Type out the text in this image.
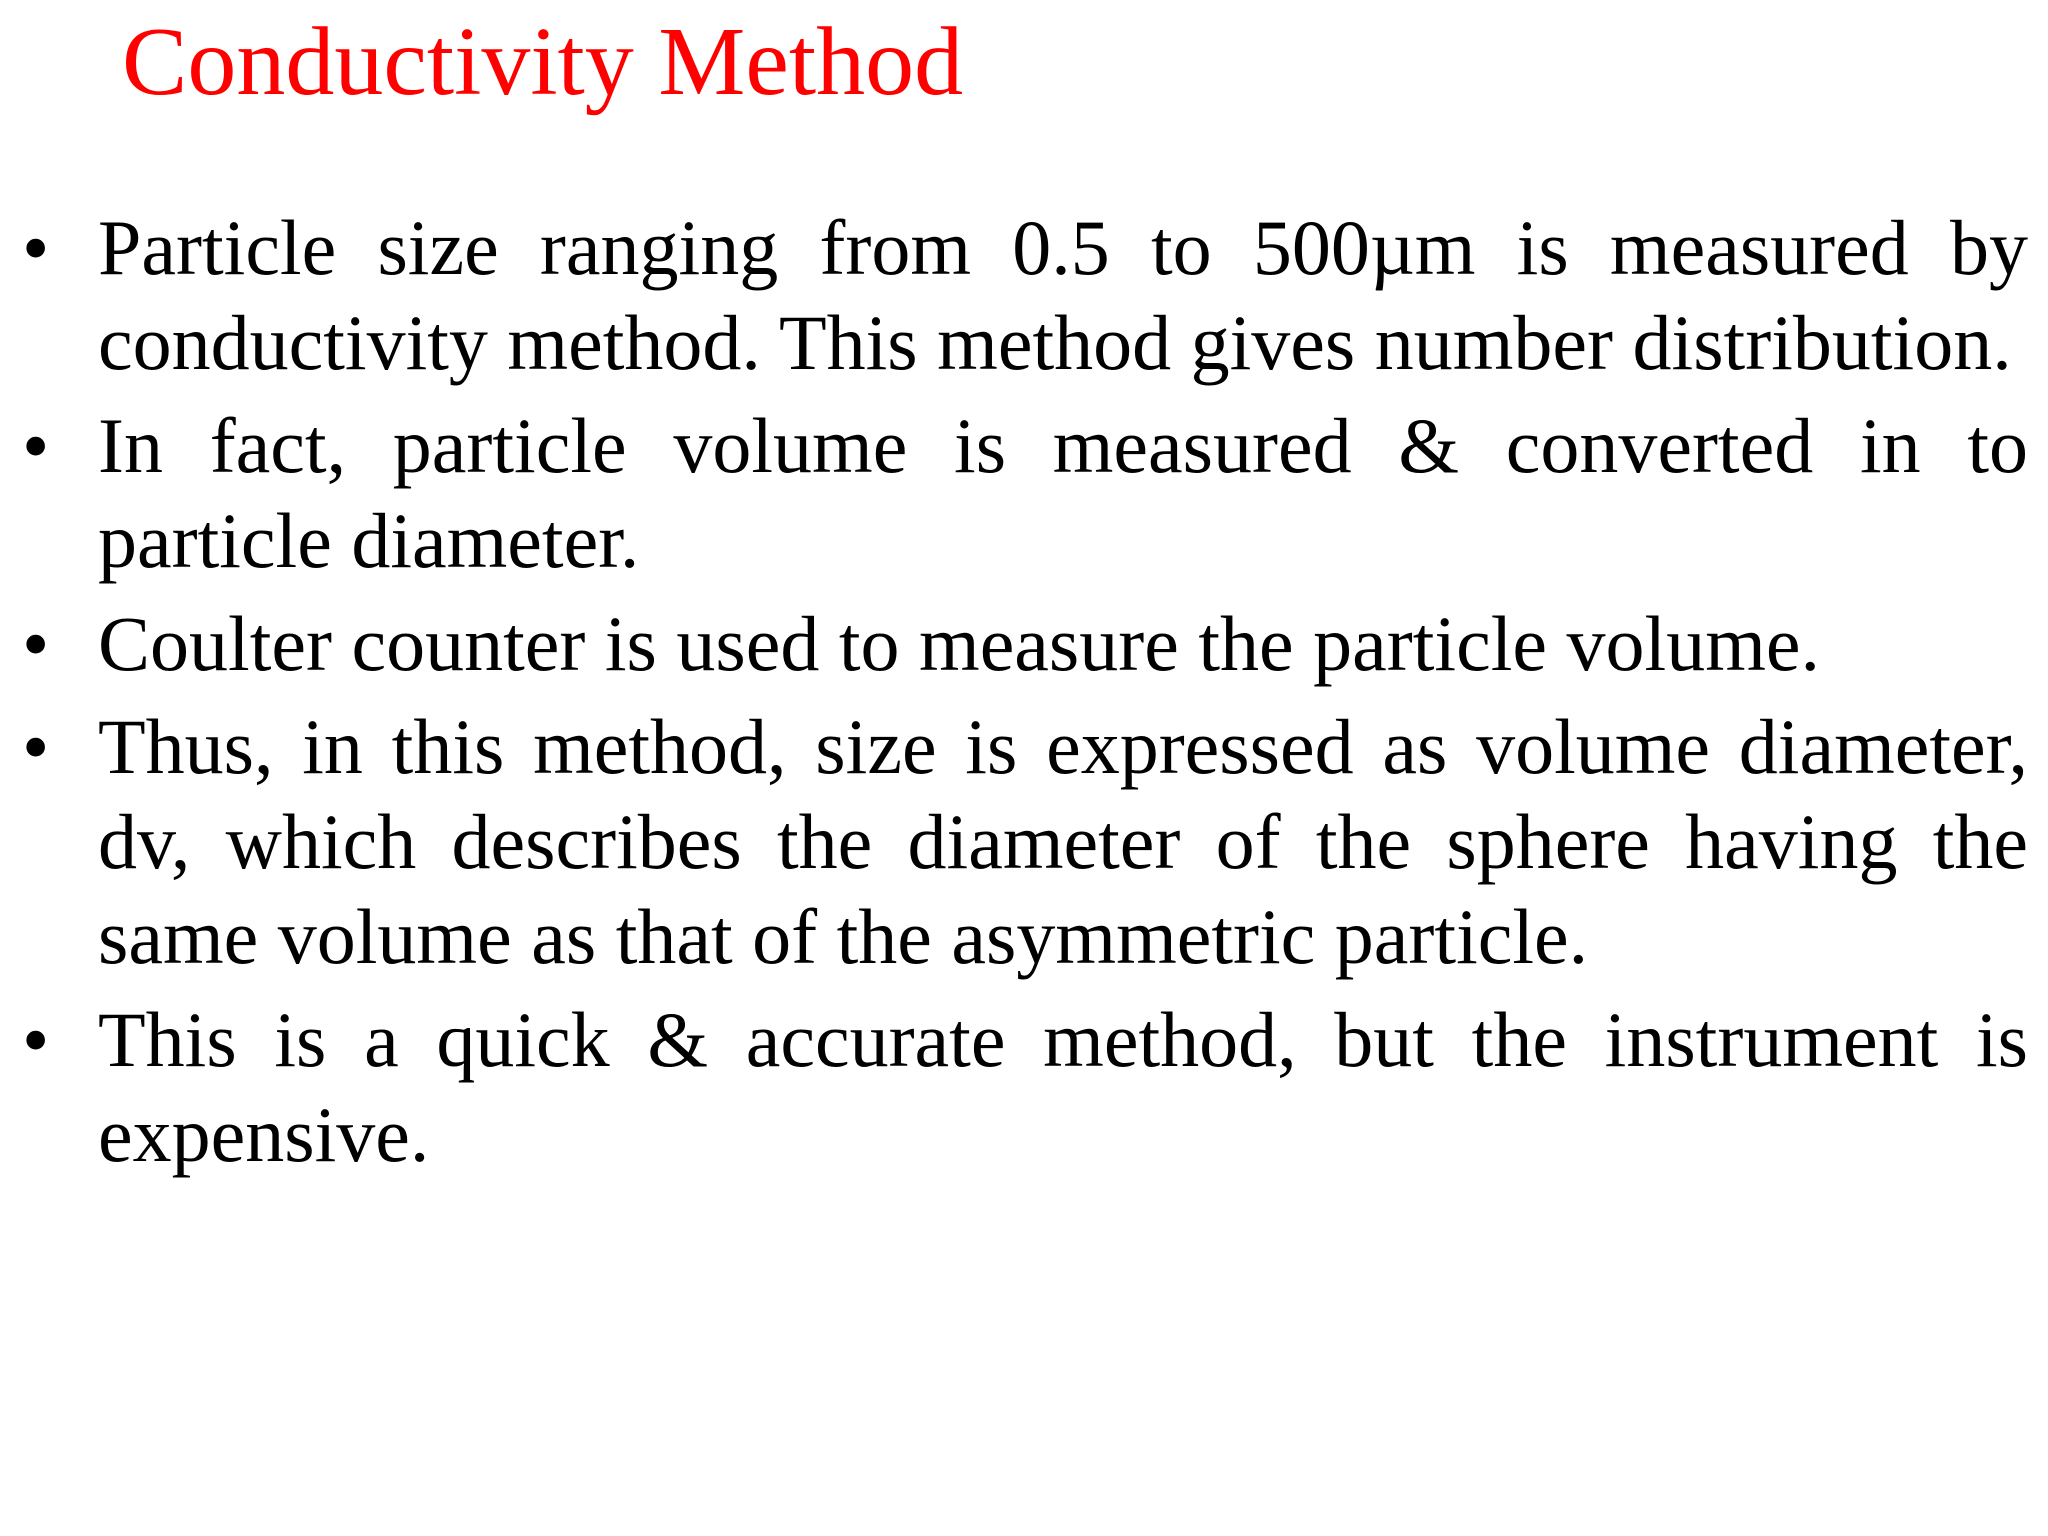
Conductivity Method
• Particle size ranging from 0.5 to 500µm is measured by conductivity method. This method gives number distribution.
• In fact, particle volume is measured & converted in to particle diameter.
• Coulter counter is used to measure the particle volume.
• Thus, in this method, size is expressed as volume diameter, dv, which describes the diameter of the sphere having the same volume as that of the asymmetric particle.
• This is a quick & accurate method, but the instrument is expensive.
